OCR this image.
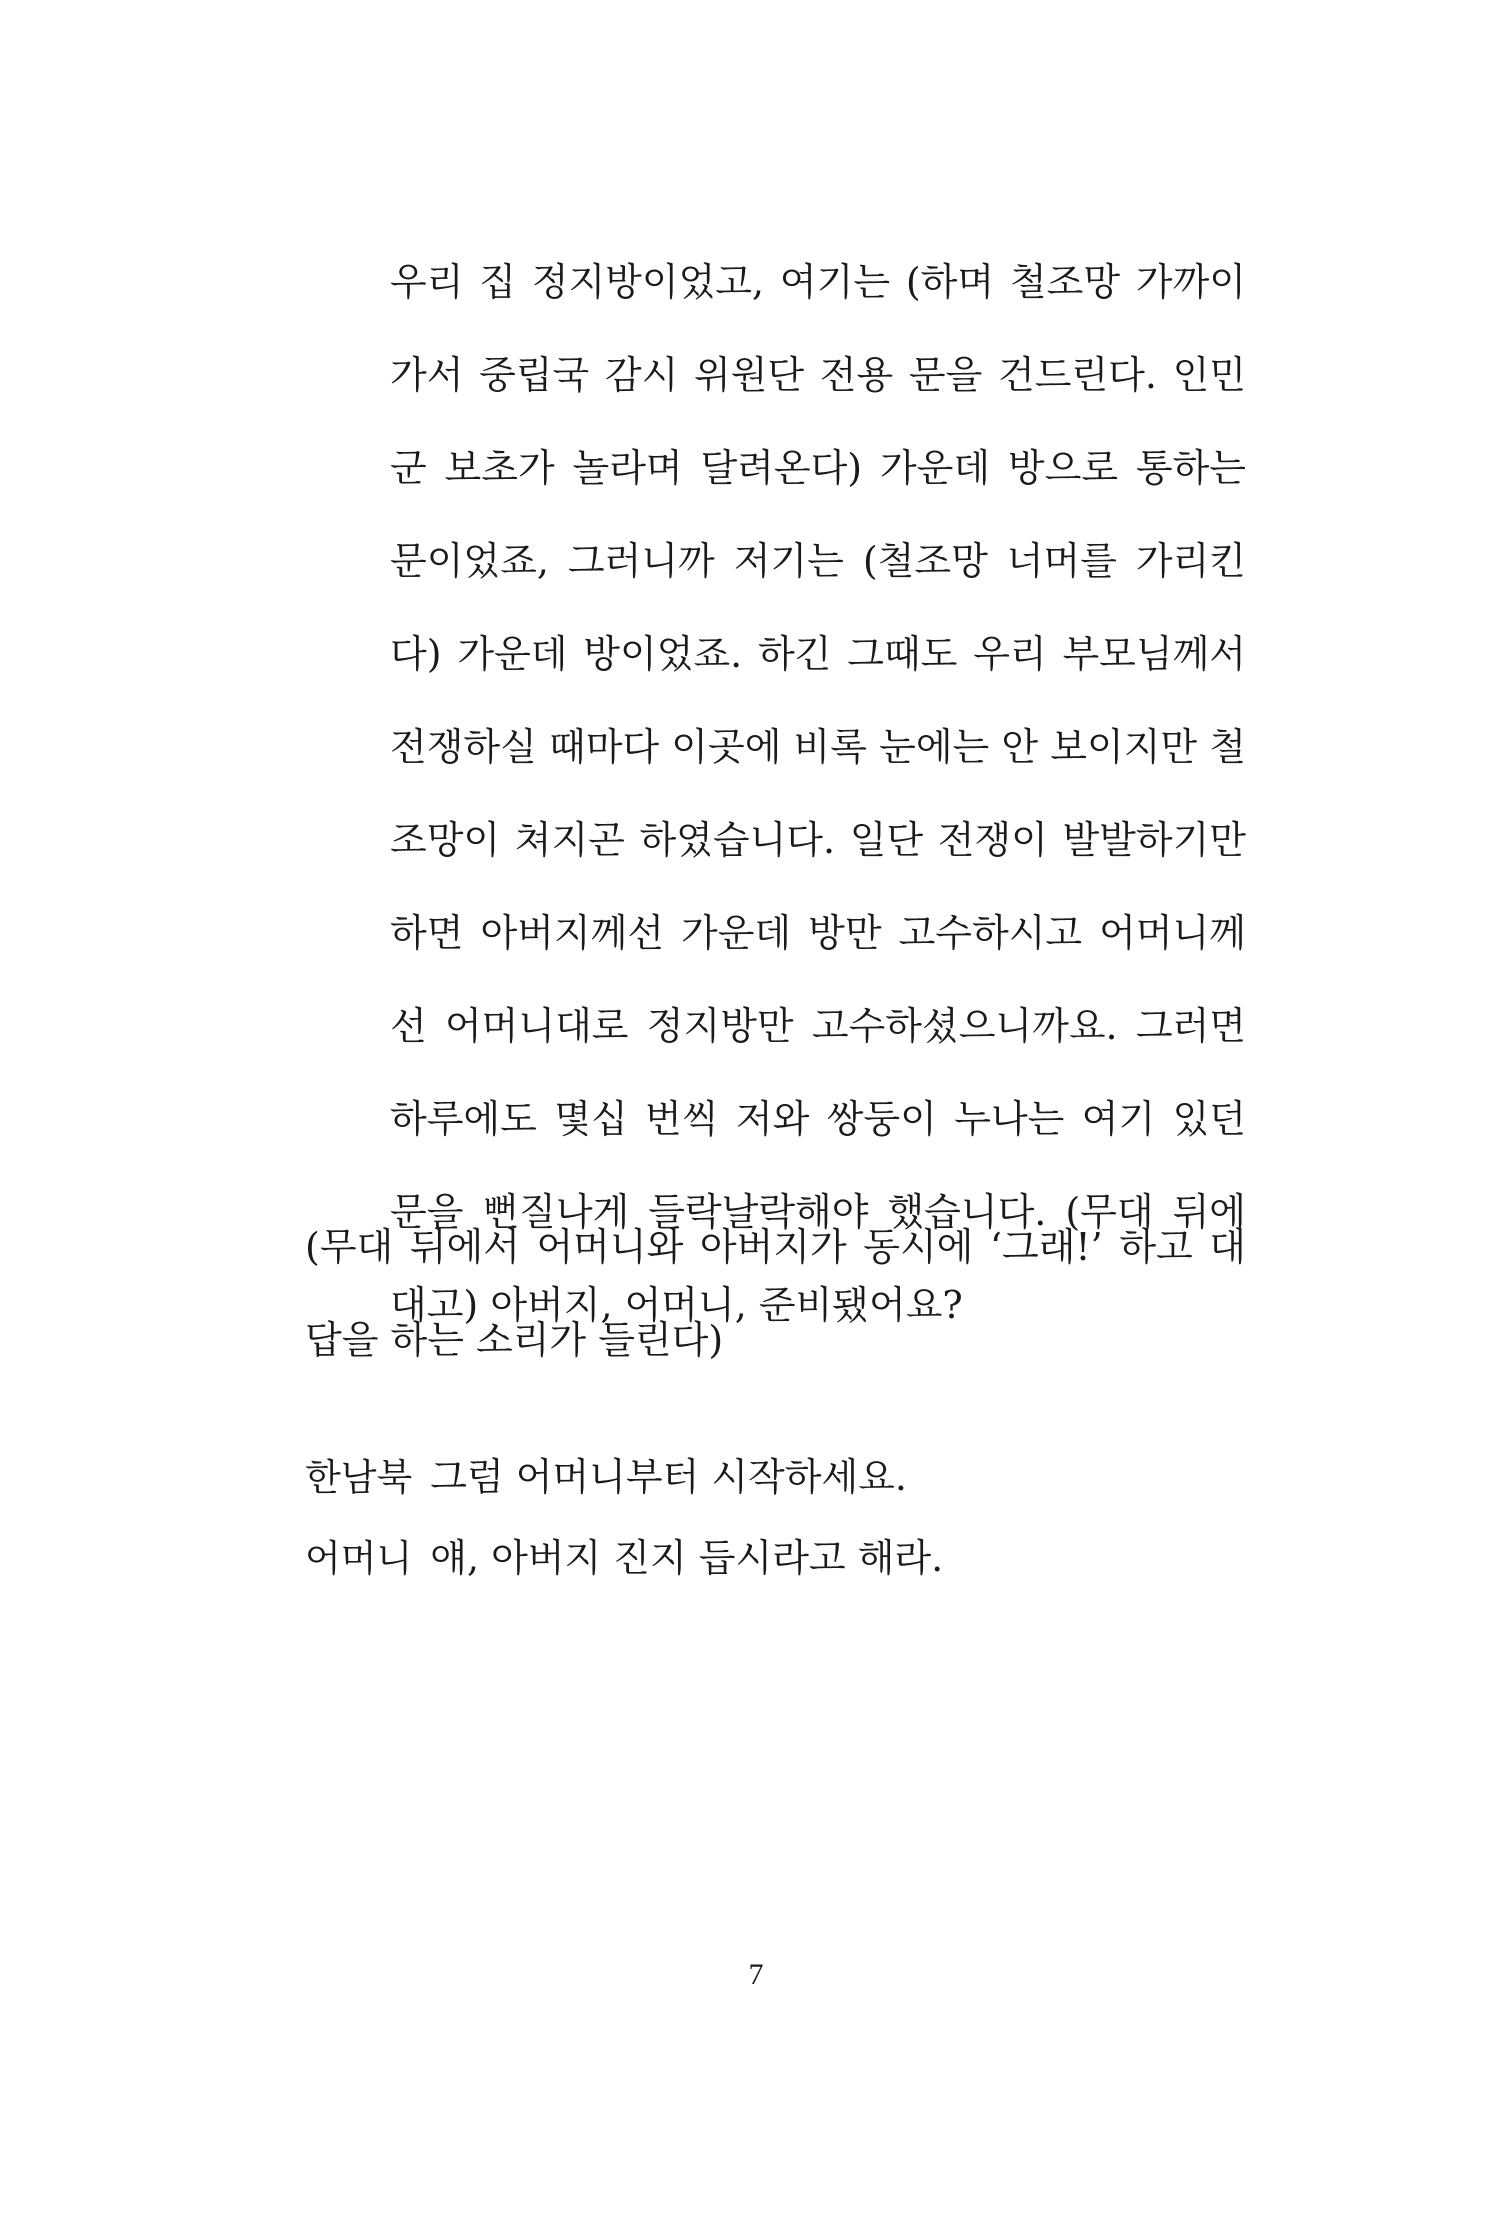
우리 집 정지방이었고, 여기는 (하며 철조망 가까이 가서 중립국 감시 위원단 전용 문을 건드린다. 인민군 보초가 놀라며 달려온다) 가운데 방으로 통하는 문이었죠, 그러니까 저기는 (철조망 너머를 가리킨다) 가운데 방이었죠. 하긴 그때도 우리 부모님께서 전쟁하실 때마다 이곳에 비록 눈에는 안 보이지만 철조망이 쳐지곤 하였습니다. 일단 전쟁이 발발하기만 하면 아버지께선 가운데 방만 고수하시고 어머니께선 어머니대로 정지방만 고수하셨으니까요. 그러면 하루에도 몇십 번씩 저와 쌍둥이 누나는 여기 있던 문을 뻔질나게 들락날락해야 했습니다. (무대 뒤에 대고) 아버지, 어머니, 준비됐어요?

(무대 뒤에서 어머니와 아버지가 동시에 ‘그래!’ 하고 대답을 하는 소리가 들린다)

한남북 그럼 어머니부터 시작하세요.
어머니 얘, 아버지 진지 듭시라고 해라.
7
